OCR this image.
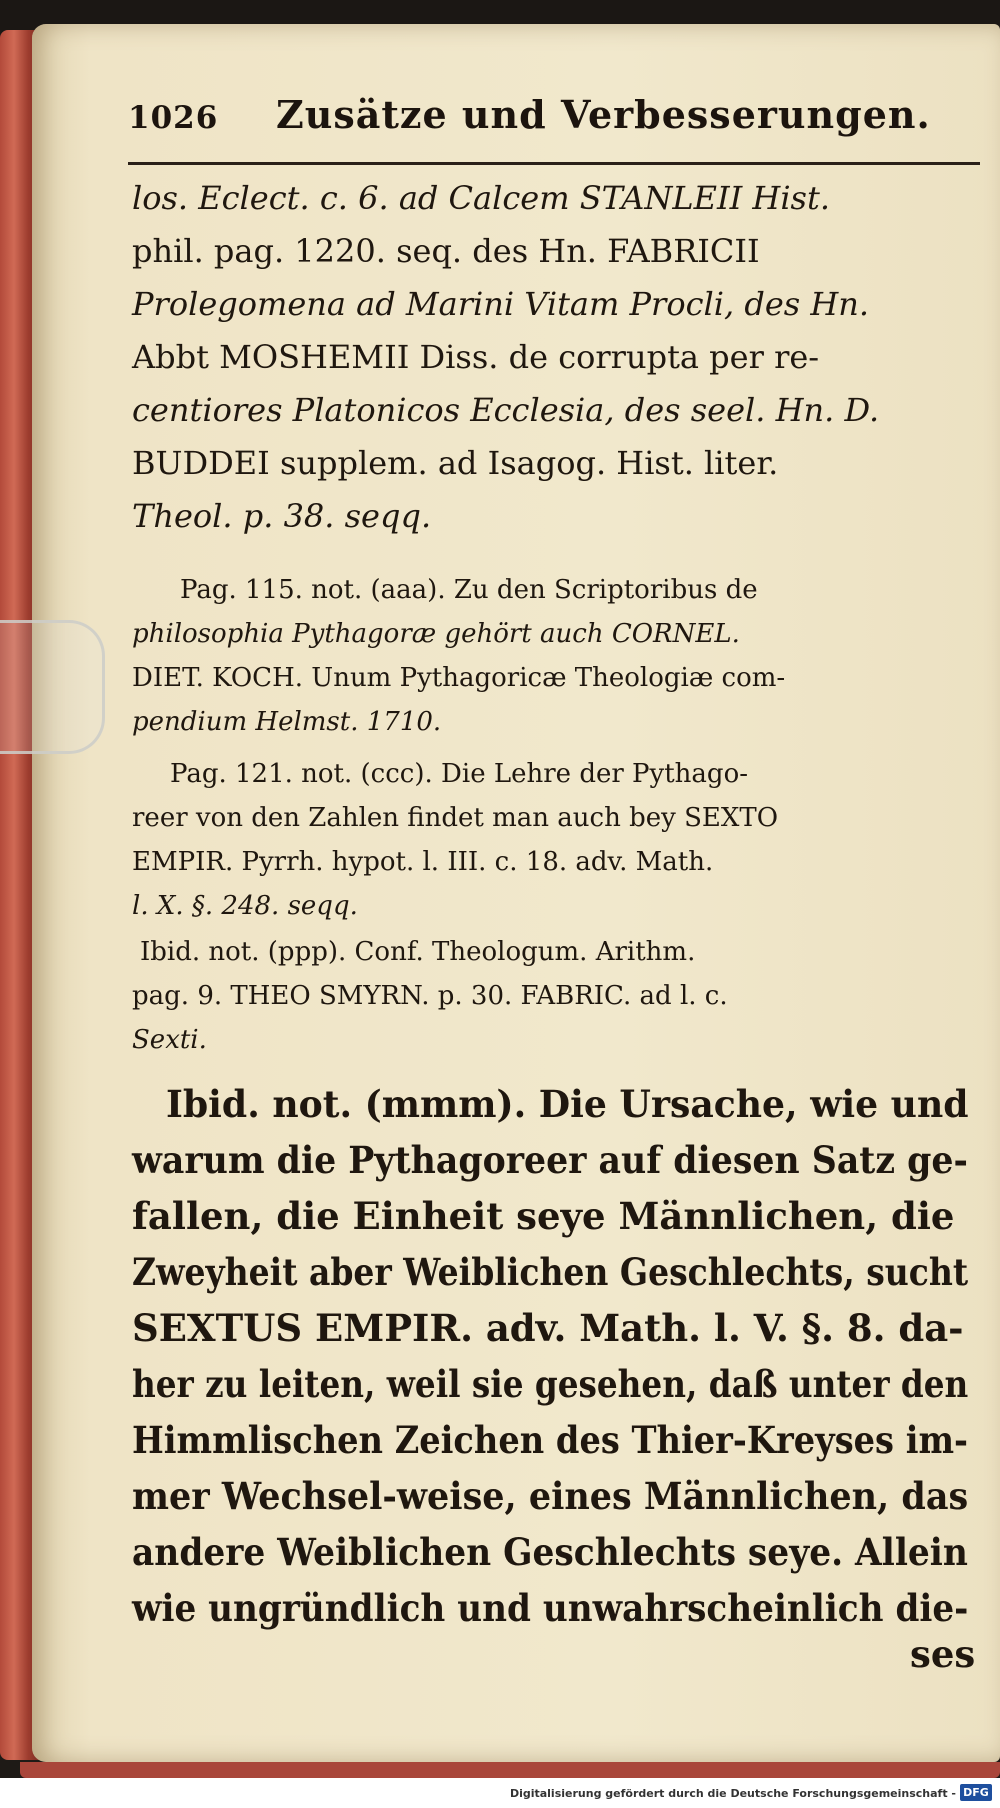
1026 Zusätze und Verbesserungen.
los. Eclect. c. 6. ad Calcem STANLEII Hist.
phil. pag. 1220. seq. des Hn. FABRICII
Prolegomena ad Marini Vitam Procli, des Hn.
Abbt MOSHEMII Diss. de corrupta per re-
centiores Platonicos Ecclesia, des seel. Hn. D.
BUDDEI supplem. ad Isagog. Hist. liter.
Theol. p. 38. seqq.
Pag. 115. not. (aaa). Zu den Scriptoribus de
philosophia Pythagoræ gehört auch CORNEL.
DIET. KOCH. Unum Pythagoricæ Theologiæ com-
pendium Helmst. 1710.
Pag. 121. not. (ccc). Die Lehre der Pythago-
reer von den Zahlen findet man auch bey SEXTO
EMPIR. Pyrrh. hypot. l. III. c. 18. adv. Math.
l. X. §. 248. seqq.
Ibid. not. (ppp). Conf. Theologum. Arithm.
pag. 9. THEO SMYRN. p. 30. FABRIC. ad l. c.
Sexti.
Ibid. not. (mmm). Die Ursache, wie und
warum die Pythagoreer auf diesen Satz ge-
fallen, die Einheit seye Männlichen, die
Zweyheit aber Weiblichen Geschlechts, sucht
SEXTUS EMPIR. adv. Math. l. V. §. 8. da-
her zu leiten, weil sie gesehen, daß unter den
Himmlischen Zeichen des Thier-Kreyses im-
mer Wechsel-weise, eines Männlichen, das
andere Weiblichen Geschlechts seye. Allein
wie ungründlich und unwahrscheinlich die-
ses
Digitalisierung gefördert durch die Deutsche Forschungsgemeinschaft - DFG
